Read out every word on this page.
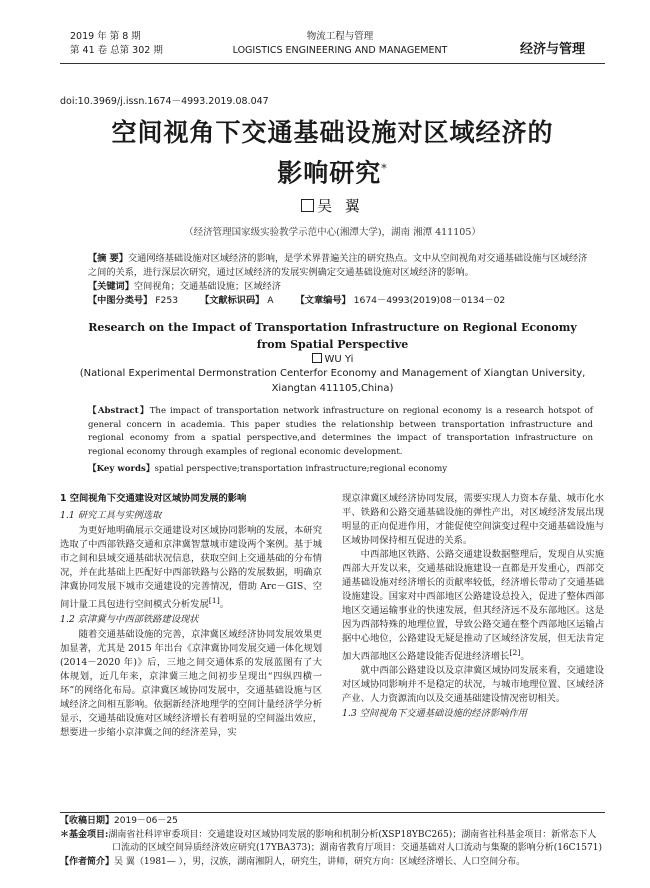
2019 年 第 8 期
第 41 卷 总第 302 期
物流工程与管理
LOGISTICS ENGINEERING AND MANAGEMENT	经济与管理
doi:10.3969/j.issn.1674－4993.2019.08.047
空间视角下交通基础设施对区域经济的
影响研究*
吴 翼
（经济管理国家级实验教学示范中心(湘潭大学)，湖南 湘潭 411105）

【摘 要】交通网络基础设施对区域经济的影响，是学术界普遍关注的研究热点。文中从空间视角对交通基础设施与区域经济之间的关系，进行深层次研究，通过区域经济的发展实例确定交通基础设施对区域经济的影响。

【关键词】空间视角；交通基础设施；区域经济

【中图分类号】 F253 【文献标识码】 A 【文章编号】 1674－4993(2019)08－0134－02
Research on the Impact of Transportation Infrastructure on Regional Economy
from Spatial Perspective
WU Yi
(National Experimental Dermonstration Centerfor Economy and Management of Xiangtan University,
Xiangtan 411105,China)

【Abstract】The impact of transportation network infrastructure on regional economy is a research hotspot of general concern in academia. This paper studies the relationship between transportation infrastructure and regional economy from a spatial perspective,and determines the impact of transportation infrastructure on regional economy through examples of regional economic development.

【Key words】spatial perspective;transportation infrastructure;regional economy
1 空间视角下交通建设对区域协同发展的影响
1.1 研究工具与实例选取

为更好地明确展示交通建设对区域协同影响的发展，本研究选取了中西部铁路交通和京津冀智慧城市建设两个案例。基于城市之间和县域交通基础状况信息，获取空间上交通基础的分布情况，并在此基础上匹配好中西部铁路与公路的发展数据，明确京津冀协同发展下城市交通建设的完善情况，借助 Arc－GIS、空间计量工具包进行空间模式分析发展[1]。

1.2 京津冀与中西部铁路建设现状

随着交通基础设施的完善，京津冀区域经济协同发展效果更加显著，尤其是 2015 年出台《京津冀协同发展交通一体化规划(2014－2020 年)》后，三地之间交通体系的发展蓝图有了大体规划，近几年来，京津冀三地之间初步呈现出“四纵四横一环”的网络化布局。京津冀区域协同发展中，交通基础设施与区域经济之间相互影响。依据新经济地理学的空间计量经济学分析显示，交通基础设施对区域经济增长有着明显的空间溢出效应，想要进一步缩小京津冀之间的经济差异，实

现京津冀区域经济协同发展，需要实现人力资本存量、城市化水平、铁路和公路交通基础设施的弹性产出，对区域经济发展出现明显的正向促进作用，才能促使空间演变过程中交通基础设施与区域协同保持相互促进的关系。

中西部地区铁路、公路交通建设数据整理后，发现自从实施西部大开发以来，交通基础设施建设一直都是开发重心，西部交通基础设施对经济增长的贡献率较低，经济增长带动了交通基础设施建设。国家对中西部地区公路建设总投入，促进了整体西部地区交通运输事业的快速发展，但其经济远不及东部地区。这是因为西部特殊的地理位置，导致公路交通在整个西部地区运输占据中心地位，公路建设无疑是推动了区域经济发展，但无法肯定加大西部地区公路建设能否促进经济增长[2]。

就中西部公路建设以及京津冀区域协同发展来看，交通建设对区域协同影响并不是稳定的状况，与城市地理位置、区域经济产业、人力资源流向以及交通基础建设情况密切相关。

1.3 空间视角下交通基础设施的经济影响作用

【收稿日期】2019－06－25

＊基金项目:湖南省社科评审委项目：交通建设对区域协同发展的影响和机制分析(XSP18YBC265)；湖南省社科基金项目：新常态下人口流动的区域空间异质经济效应研究(17YBA373)；湖南省教育厅项目：交通基础对人口流动与集聚的影响分析(16C1571)

【作者简介】吴 翼（1981— ），男，汉族，湖南湘阴人，研究生，讲师，研究方向：区域经济增长、人口空间分布。
